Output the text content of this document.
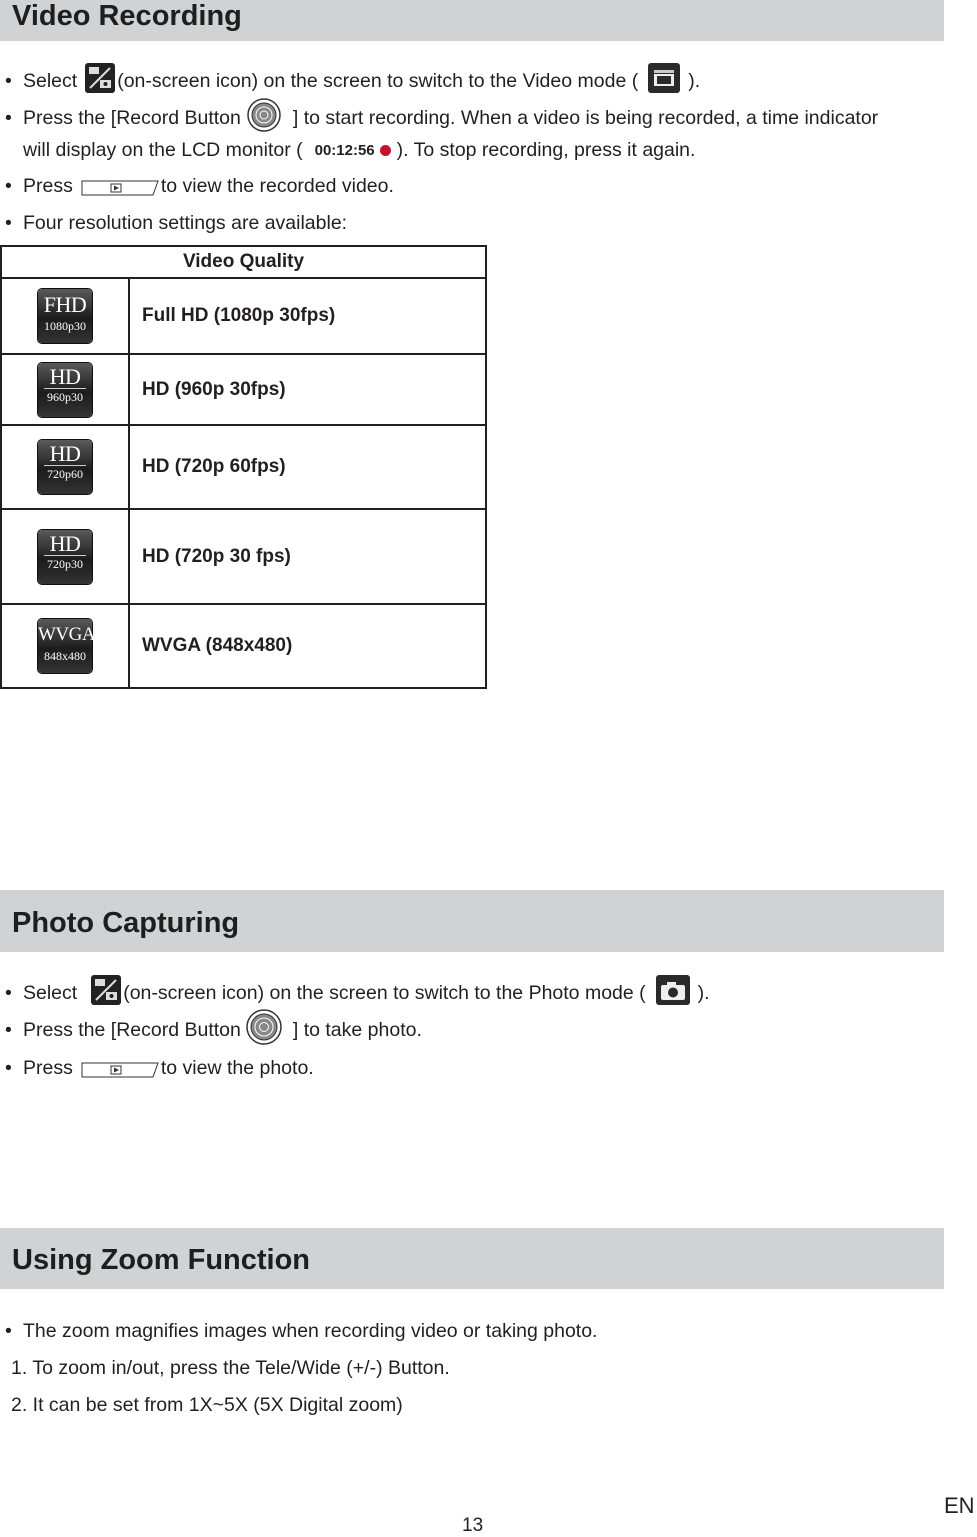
Video Recording
• Select (on-screen icon) on the screen to switch to the Video mode (	).
• Press the [Record Button	] to start recording. When a video is being recorded, a time indicator
will display on the LCD monitor ( 00:12:56 ). To stop recording, press it again.
• Press	to view the recorded video.
• Four resolution settings are available:
Video Quality	

FHD
1080p30	Full HD (1080p 30fps)

HD
960p30	HD (960p 30fps)

HD
720p60	HD (720p 60fps)

HD
720p30	HD (720p 30 fps)

WVGA
848x480	WVGA (848x480)
Photo Capturing
• Select (on-screen icon) on the screen to switch to the Photo mode (	).
• Press the [Record Button	] to take photo.
• Press	to view the photo.
Using Zoom Function
• The zoom magnifies images when recording video or taking photo.
1. To zoom in/out, press the Tele/Wide (+/-) Button.
2. It can be set from 1X~5X (5X Digital zoom)
13
EN
